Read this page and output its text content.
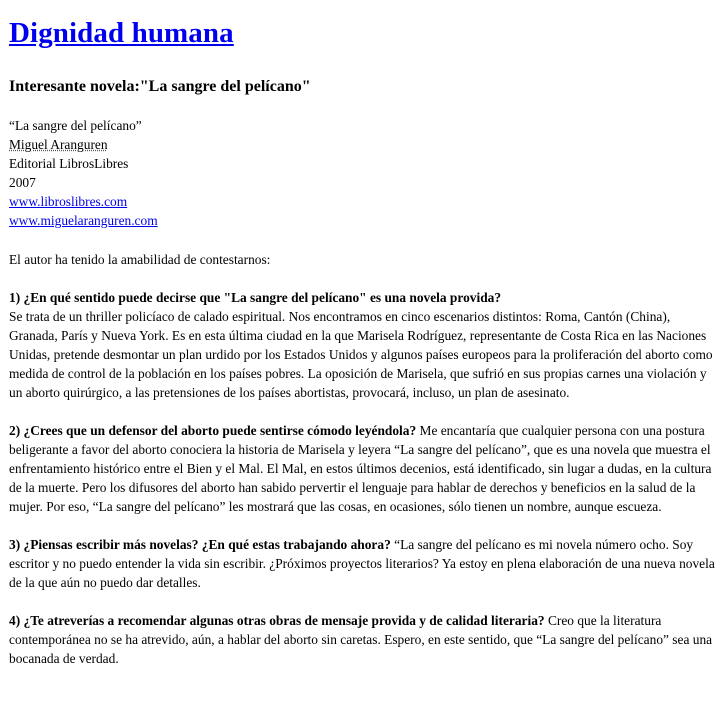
Dignidad humana
Interesante novela:"La sangre del pelícano"
“La sangre del pelícano”
Miguel Aranguren
Editorial LibrosLibres
2007
www.libroslibres.com
www.miguelaranguren.com

El autor ha tenido la amabilidad de contestarnos:

1) ¿En qué sentido puede decirse que "La sangre del pelícano" es una novela provida?
Se trata de un thriller policíaco de calado espiritual. Nos encontramos en cinco escenarios distintos: Roma, Cantón (China), Granada, París y Nueva York. Es en esta última ciudad en la que Marisela Rodríguez, representante de Costa Rica en las Naciones Unidas, pretende desmontar un plan urdido por los Estados Unidos y algunos países europeos para la proliferación del aborto como medida de control de la población en los países pobres. La oposición de Marisela, que sufrió en sus propias carnes una violación y un aborto quirúrgico, a las pretensiones de los países abortistas, provocará, incluso, un plan de asesinato.

2) ¿Crees que un defensor del aborto puede sentirse cómodo leyéndola? Me encantaría que cualquier persona con una postura beligerante a favor del aborto conociera la historia de Marisela y leyera “La sangre del pelícano”, que es una novela que muestra el enfrentamiento histórico entre el Bien y el Mal. El Mal, en estos últimos decenios, está identificado, sin lugar a dudas, en la cultura de la muerte. Pero los difusores del aborto han sabido pervertir el lenguaje para hablar de derechos y beneficios en la salud de la mujer. Por eso, “La sangre del pelícano” les mostrará que las cosas, en ocasiones, sólo tienen un nombre, aunque escueza.

3) ¿Piensas escribir más novelas? ¿En qué estas trabajando ahora? “La sangre del pelícano es mi novela número ocho. Soy escritor y no puedo entender la vida sin escribir. ¿Próximos proyectos literarios? Ya estoy en plena elaboración de una nueva novela de la que aún no puedo dar detalles.

4) ¿Te atreverías a recomendar algunas otras obras de mensaje provida y de calidad literaria? Creo que la literatura contemporánea no se ha atrevido, aún, a hablar del aborto sin caretas. Espero, en este sentido, que “La sangre del pelícano” sea una bocanada de verdad.
